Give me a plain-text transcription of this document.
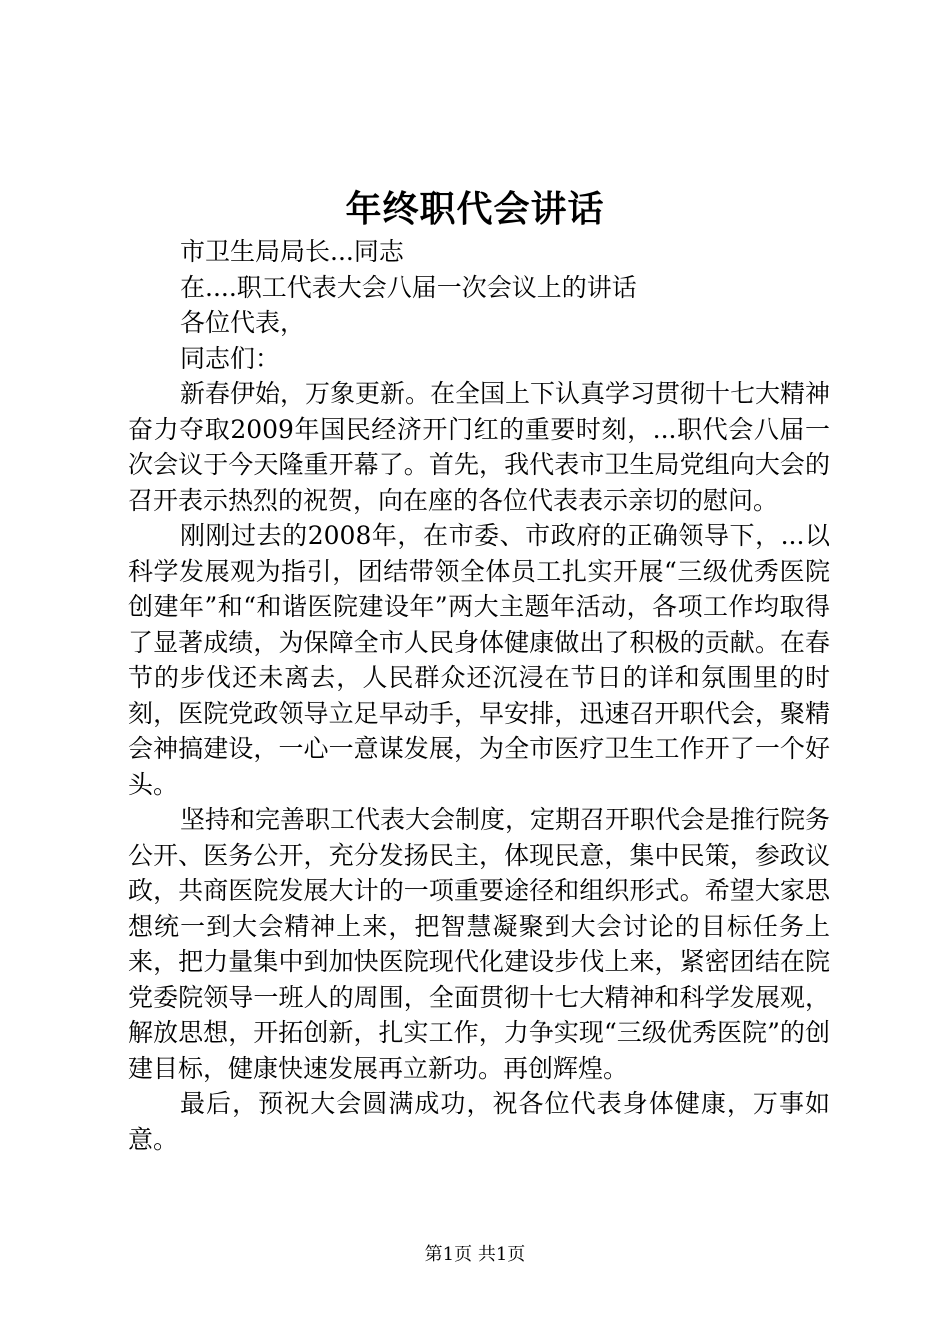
年终职代会讲话

市卫生局局长...同志

在....职工代表大会八届一次会议上的讲话

各位代表，

同志们：

新春伊始，万象更新。在全国上下认真学习贯彻十七大精神奋力夺取2009年国民经济开门红的重要时刻，...职代会八届一次会议于今天隆重开幕了。首先，我代表市卫生局党组向大会的召开表示热烈的祝贺，向在座的各位代表表示亲切的慰问。

刚刚过去的2008年，在市委、市政府的正确领导下，...以科学发展观为指引，团结带领全体员工扎实开展“三级优秀医院创建年”和“和谐医院建设年”两大主题年活动，各项工作均取得了显著成绩，为保障全市人民身体健康做出了积极的贡献。在春节的步伐还未离去，人民群众还沉浸在节日的详和氛围里的时刻，医院党政领导立足早动手，早安排，迅速召开职代会，聚精会神搞建设，一心一意谋发展，为全市医疗卫生工作开了一个好头。

坚持和完善职工代表大会制度，定期召开职代会是推行院务公开、医务公开，充分发扬民主，体现民意，集中民策，参政议政，共商医院发展大计的一项重要途径和组织形式。希望大家思想统一到大会精神上来，把智慧凝聚到大会讨论的目标任务上来，把力量集中到加快医院现代化建设步伐上来，紧密团结在院党委院领导一班人的周围，全面贯彻十七大精神和科学发展观，解放思想，开拓创新，扎实工作，力争实现“三级优秀医院”的创建目标，健康快速发展再立新功。再创辉煌。

最后，预祝大会圆满成功，祝各位代表身体健康，万事如意。

第1页 共1页
